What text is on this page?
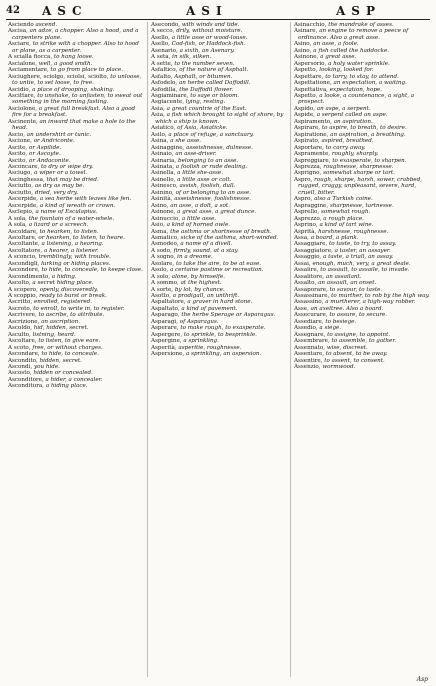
42 ASC	ASI	ASP

Asciendo ascend.

Ascisa, an adze, a chopper. Also a hood, and a carpenters plane.

Asciare, to strike with a chopper. Also to hood or plane, as a carpenter.

A scialla fiocca, to hang loose.

Ascialone, well, a good smith.

Asciamentare, to go from place to place.

Asciughere, sciolgo, sciolsi, sciolto, to unloose, to untie, to set loose, to free.

Ascidio, a place of drooping, shaking.

Ascittare, to unshake, to unfasten, to sweat out something in the morning fasting.

Asciolone, a great full breakfast. Also a good fire for a breakfast.

Ascinente, an inward that make a hole to the head.

Ascio, an undershirt or tunic.

Ascione, or Andriconte.

Ascite, or Aspilide.

Ascito, or Ascoyte.

Ascito, or Andaconite.

Asconcare, to dry or wipe dry.

Asciugo, a wiper or a towel.

Ascinghessa, that may be dried.

Asciutto, as dry as may be.

Asciutto, dried, very dry.

Ascerpide, a sea herbe with leaves like fen.

Ascerpide, a kind of wreath or crown.

Asclepio, a name of Esculapius.

A sola, the fountain of a water-whele.

A sola, a lizard or a screech.

Ascoldare, to hearken, to listen.

Ascoltare, or hearken, to listen, to heare.

Ascoltante, a listening, a hearing.

Ascoltatore, a hearer, a listener.

A sconcio, tremblingly, with trouble.

Ascondigli, lurking or hiding places.

Ascondere, to hide, to conceale, to keepe close.

Ascondimento, a hiding.

Ascolto, a secret hiding place.

A scopero, openly, discoveredly.

A scoppio, ready to burst or break.

Ascritto, enrolled, registered.

Ascroto, to enroll, to write in, to register.

Ascrivere, to ascribe, to attribute.

Ascrizione, an ascription.

Ascoldo, hid, hidden, secret.

Asculto, listning, heard.

Ascoltare, to listen, to give eare.

A scoto, free, or without charges.

Ascondare, to hide, to conceale.

Ascondito, hidden, secret.

Ascondi, you hide.

Ascosto, hidden or concealed.

Asconditore, a hider, a concealer.

Asconditura, a hiding place.

Asecondo, with winds and tide.

A secco, drily, without moisture.

Asello, a little asse or wood-louse.

Asello, Cod-fish, or Haddock-fish.

Asenario, a sixth, an Asenary.

A seta, in silk, silken.

A sette, to the number seven.

Asfaltico, of the nature of Asphalt.

Asfalto, Asphalt, or bitumen.

Asfodelo, an herbe called Daffodill.

Asfodilla, the Daffodil flower.

Asgiaminare, to saye or bloom.

Asgiacente, lying, resting.

Asia, a great countrie of the East.

Asia, a fish which brought to sight of shore, by which a ship is known.

Asiatico, of Asia, Asiaticke.

Asilo, a place of refuge, a sanctuary.

Asina, a she asse.

Asinaggine, asseishnesse, dulnesse.

Asinaio, an asse-driver.

Asinaria, belonging to an asse.

Asinata, a foolish or rude dealing.

Asinella, a little she-asse.

Asinello, a little asse or colt.

Asinesco, assish, foolish, dull.

Asinino, of or belonging to an asse.

Asinità, asseishnesse, foolishnesse.

Asino, an asse, a dolt, a sot.

Asinone, a great asse, a great dunce.

Asinuccio, a little asse.

Asio, a kind of horned owle.

Asma, the asthma or shortnesse of breath.

Asmatico, sicke of the asthma, short-winded.

Asmodeo, a name of a divell.

A sodo, firmly, sound, at a stay.

A sogno, in a dreame.

Asolare, to take the aire, to be at ease.

Asolo, a certaine pastime or recreation.

A solo, alone, by himselfe.

A sommo, at the highest.

A sorte, by lot, by chance.

Asotto, a prodigall, an unthrift.

Aspaltatore, a graver in hard stone.

Aspaltato, a kind of pavement.

Asparago, the herbe Sperage or Asparagus.

Asparagi, of Asparagus.

Asperare, to make rough, to exasperate.

Aspergere, to sprinkle, to besprinkle.

Aspergine, a sprinkling.

Asperità, asperitie, roughnesse.

Aspersione, a sprinkling, an aspersion.

Asinacchio, the mandrake of asses.

Asinare, an engine to remove a peece of ordinance. Also a great asse.

Asino, an asse, a foole.

Asino, a fish called the haddocke.

Asinone, a great asse.

Aspersorio, a holy water sprinkle.

Aspetto, looking, looked for.

Aspettare, to tarry, to stay, to attend.

Aspettatione, an expectation, a waiting.

Aspettativa, expectation, hope.

Aspetto, a looke, a countenance, a sight, a prospect.

Aspido, an aspe, a serpent.

Aspide, a serpent called an aspe.

Aspiramento, an aspiration.

Aspirare, to aspire, to breath, to desire.

Aspiratione, an aspiration, a breathing.

Aspirato, aspired, breathed.

Asportare, to carry away.

Aspramente, roughly, sharply.

Aspreggiare, to exasperate, to sharpen.

Asprezza, roughnesse, sharpnesse.

Asprigno, somewhat sharpe or tart.

Aspro, rough, sharpe, harsh, sower, crabbed, rugged, craggy, unpleasant, severe, hard, cruell, bitter.

Aspro, also a Turkish coine.

Aspraggine, sharpnesse, tartnesse.

Asprello, somewhat rough.

Asprezzo, a rough place.

Asprino, a kind of tart wine.

Asprità, harshnesse, roughnesse.

Assa, a board, a plank.

Assaggiare, to taste, to try, to assay.

Assaggiatore, a taster, an assayer.

Assaggio, a taste, a triall, an assay.

Assai, enough, much, very, a great deale.

Assalire, to assault, to assaile, to invade.

Assalitore, an assailant.

Assalto, an assault, an onset.

Assaporare, to savour, to taste.

Assassinare, to murther, to rob by the high way.

Assassino, a murtherer, a high-way robber.

Asse, an axeltree. Also a board.

Assecurare, to assure, to secure.

Assediare, to besiege.

Assedio, a siege.

Assegnare, to assigne, to appoint.

Assembrare, to assemble, to gather.

Assennato, wise, discreet.

Assentare, to absent, to be away.

Assentire, to assent, to consent.

Assenzio, wormwood.

Asp
